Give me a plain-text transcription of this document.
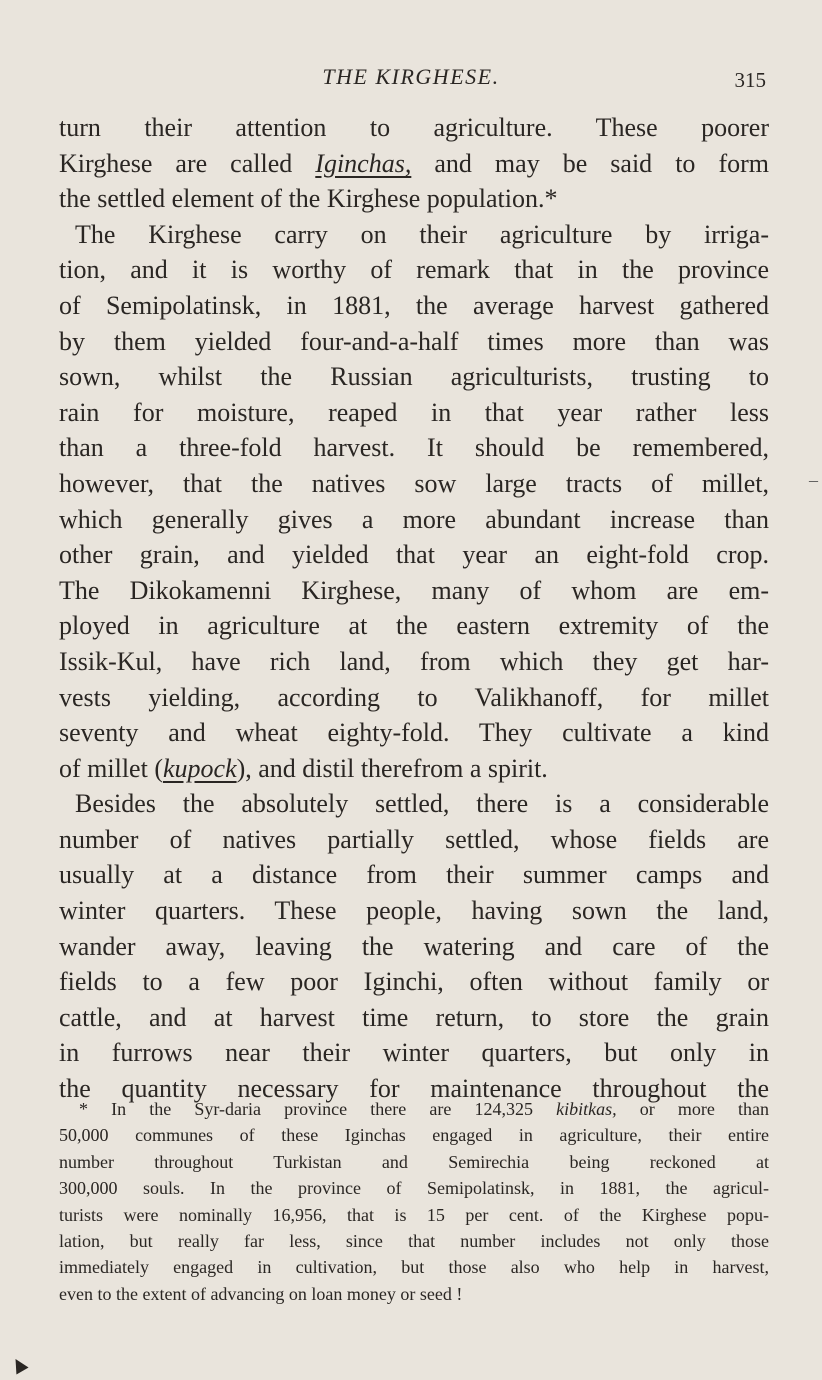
THE KIRGHESE.	315
turn their attention to agriculture. These poorer
Kirghese are called Iginchas, and may be said to form
the settled element of the Kirghese population.*
The Kirghese carry on their agriculture by irriga-
tion, and it is worthy of remark that in the province
of Semipolatinsk, in 1881, the average harvest gathered
by them yielded four-and-a-half times more than was
sown, whilst the Russian agriculturists, trusting to
rain for moisture, reaped in that year rather less
than a three-fold harvest. It should be remembered,
however, that the natives sow large tracts of millet,
which generally gives a more abundant increase than
other grain, and yielded that year an eight-fold crop.
The Dikokamenni Kirghese, many of whom are em-
ployed in agriculture at the eastern extremity of the
Issik-Kul, have rich land, from which they get har-
vests yielding, according to Valikhanoff, for millet
seventy and wheat eighty-fold. They cultivate a kind
of millet (kupock), and distil therefrom a spirit.
Besides the absolutely settled, there is a considerable
number of natives partially settled, whose fields are
usually at a distance from their summer camps and
winter quarters. These people, having sown the land,
wander away, leaving the watering and care of the
fields to a few poor Iginchi, often without family or
cattle, and at harvest time return, to store the grain
in furrows near their winter quarters, but only in
the quantity necessary for maintenance throughout the
* In the Syr-daria province there are 124,325 kibitkas, or more than
50,000 communes of these Iginchas engaged in agriculture, their entire
number throughout Turkistan and Semirechia being reckoned at
300,000 souls. In the province of Semipolatinsk, in 1881, the agricul-
turists were nominally 16,956, that is 15 per cent. of the Kirghese popu-
lation, but really far less, since that number includes not only those
immediately engaged in cultivation, but those also who help in harvest,
even to the extent of advancing on loan money or seed !
–
